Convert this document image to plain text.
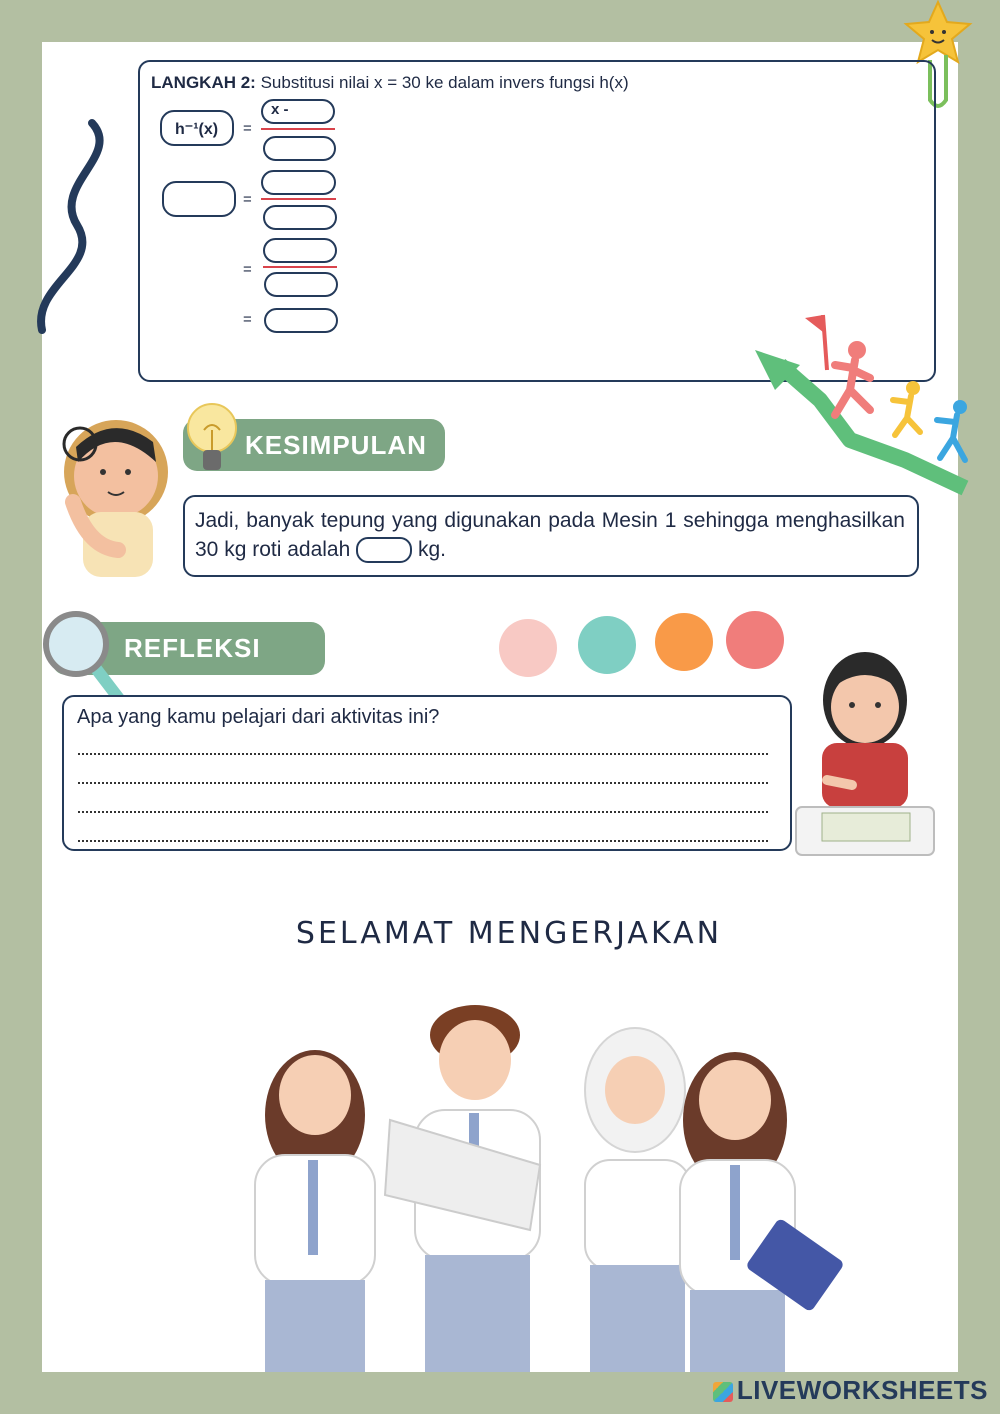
LANGKAH 2: Substitusi nilai x = 30 ke dalam invers fungsi h(x)
h⁻¹(x) =
x -
=
=
=
KESIMPULAN
Jadi, banyak tepung yang digunakan pada Mesin 1 sehingga menghasilkan 30 kg roti adalah	kg.
REFLEKSI
Apa yang kamu pelajari dari aktivitas ini?
SELAMAT MENGERJAKAN
LIVEWORKSHEETS
